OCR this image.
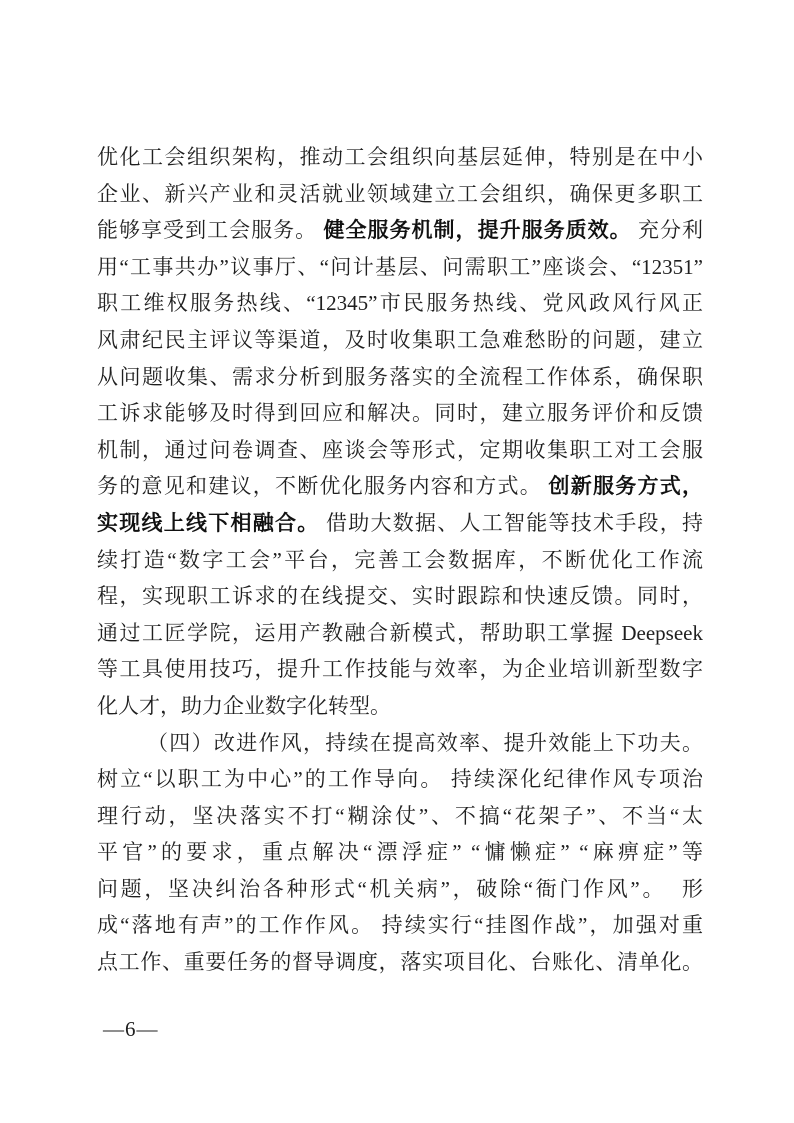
优化工会组织架构，推动工会组织向基层延伸，特别是在中小
企业、新兴产业和灵活就业领域建立工会组织，确保更多职工
能够享受到工会服务。 健全服务机制，提升服务质效。 充分利
用“工事共办”议事厅、“问计基层、问需职工”座谈会、“12351”
职工维权服务热线、“12345”市民服务热线、党风政风行风正
风肃纪民主评议等渠道，及时收集职工急难愁盼的问题，建立
从问题收集、需求分析到服务落实的全流程工作体系，确保职
工诉求能够及时得到回应和解决。同时，建立服务评价和反馈
机制，通过问卷调查、座谈会等形式，定期收集职工对工会服
务的意见和建议，不断优化服务内容和方式。 创新服务方式，
实现线上线下相融合。 借助大数据、人工智能等技术手段，持
续打造“数字工会”平台，完善工会数据库，不断优化工作流
程，实现职工诉求的在线提交、实时跟踪和快速反馈。同时，
通过工匠学院，运用产教融合新模式，帮助职工掌握 Deepseek
等工具使用技巧，提升工作技能与效率，为企业培训新型数字
化人才，助力企业数字化转型。
（四）改进作风，持续在提高效率、提升效能上下功夫。
树立“以职工为中心”的工作导向。 持续深化纪律作风专项治
理行动，坚决落实不打“糊涂仗”、不搞“花架子”、不当“太
平官”的要求，重点解决“漂浮症” “慵懒症” “麻痹症”等
问题，坚决纠治各种形式“机关病”，破除“衙门作风”。  形
成“落地有声”的工作作风。 持续实行“挂图作战”，加强对重
点工作、重要任务的督导调度，落实项目化、台账化、清单化。
—6—
